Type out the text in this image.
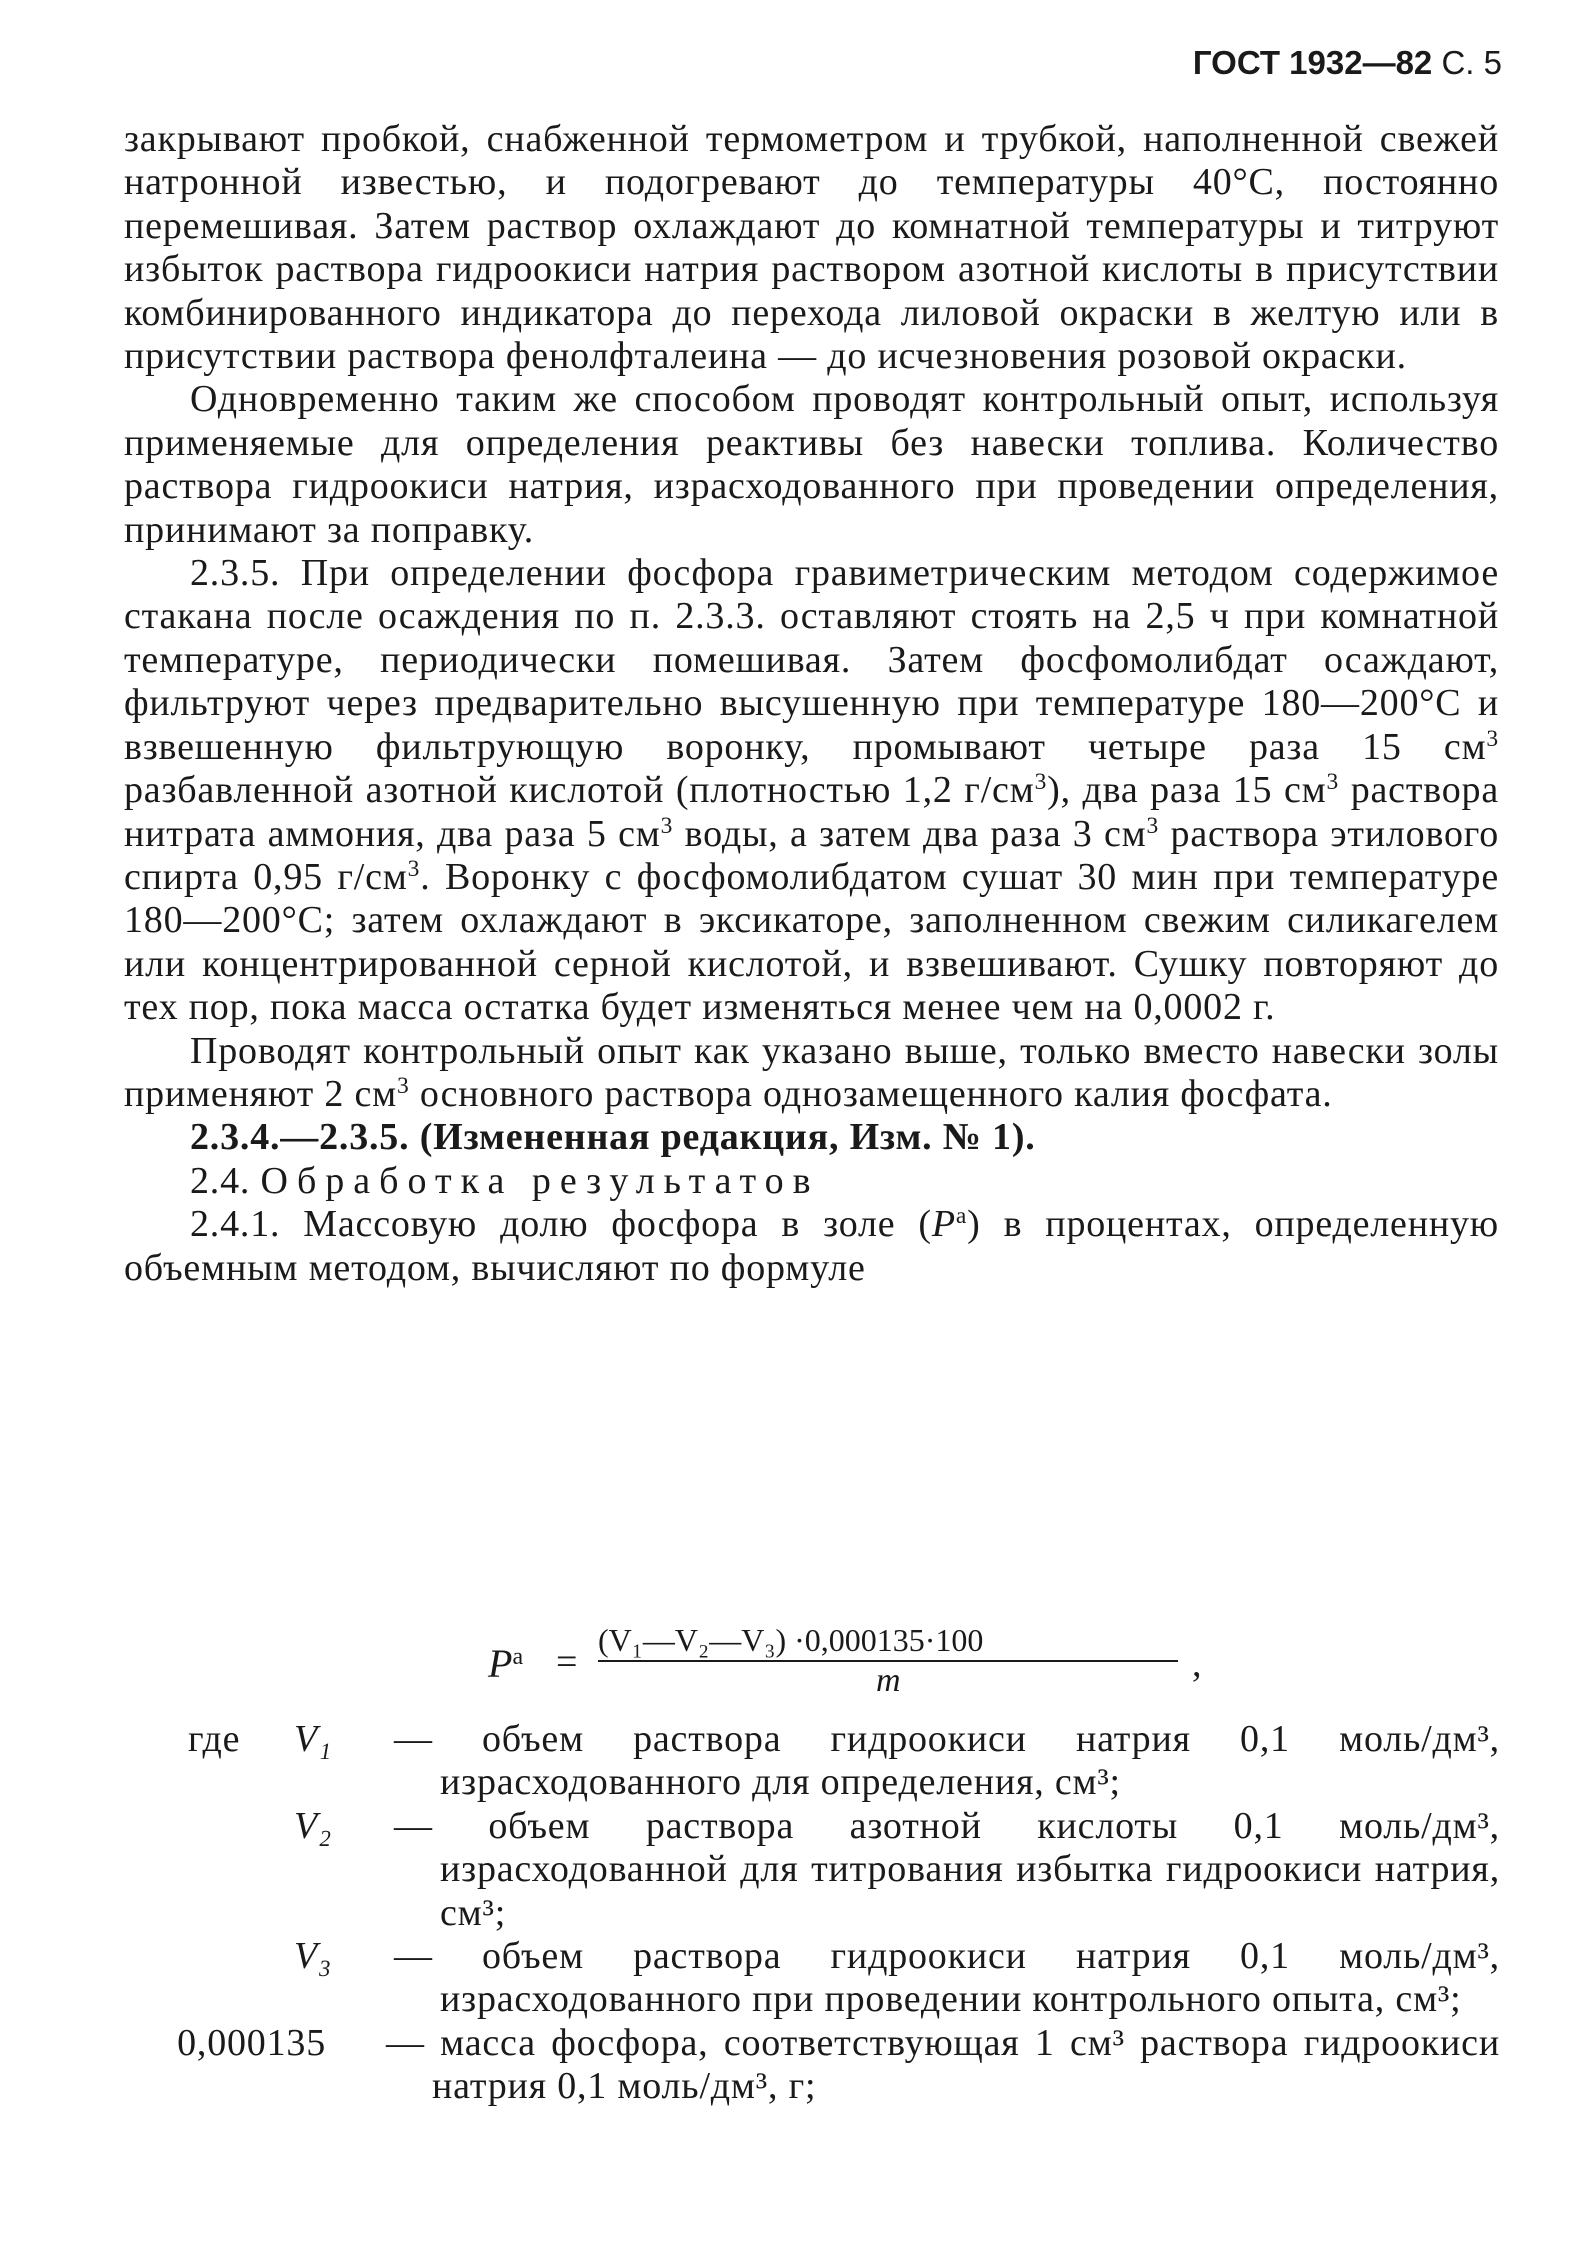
ГОСТ 1932—82 С. 5

закрывают пробкой, снабженной термометром и трубкой, наполненной свежей натронной известью, и подогревают до температуры 40°С, постоянно перемешивая. Затем раствор охлаждают до комнатной температуры и титруют избыток раствора гидроокиси натрия раствором азотной кислоты в присутствии комбинированного индикатора до перехода лиловой окраски в желтую или в присутствии раствора фенолфталеина — до исчезновения розовой окраски.

Одновременно таким же способом проводят контрольный опыт, используя применяемые для определения реактивы без навески топлива. Количество раствора гидроокиси натрия, израсходованного при проведении определения, принимают за поправку.

2.3.5. При определении фосфора гравиметрическим методом содержимое стакана после осаждения по п. 2.3.3. оставляют стоять на 2,5 ч при комнатной температуре, периодически помешивая. Затем фосфомолибдат осаждают, фильтруют через предварительно высушенную при температуре 180—200°С и взвешенную фильтрующую воронку, промывают четыре раза 15 $см^3$ разбавленной азотной кислотой (плотностью 1,2 $г/см^3$), два раза 15 $см^3$ раствора нитрата аммония, два раза 5 $см^3$ воды, а затем два раза 3 $см^3$ раствора этилового спирта 0,95 $г/см^3$. Воронку с фосфомолибдатом сушат 30 мин при температуре 180—200°С; затем охлаждают в эксикаторе, заполненном свежим силикагелем или концентрированной серной кислотой, и взвешивают. Сушку повторяют до тех пор, пока масса остатка будет изменяться менее чем на 0,0002 г.

Проводят контрольный опыт как указано выше, только вместо навески золы применяют 2 $см^3$ основного раствора однозамещенного калия фосфата.

2.3.4.—2.3.5. (Измененная редакция, Изм. № 1).

2.4. Обработка результатов

2.4.1. Массовую долю фосфора в золе $(P^a)$ в процентах, определенную объемным методом, вычисляют по формуле

$P^a$ =
(V₁—V₂—V₃) ·0,000135·100
m	,
где	V₁ — объем раствора гидроокиси натрия 0,1 моль/дм³, израсходованного для определения, см³;
V₂ — объем раствора азотной кислоты 0,1 моль/дм³, израсходованной для титрования избытка гидроокиси натрия, см³;
V₃ — объем раствора гидроокиси натрия 0,1 моль/дм³, израсходованного при проведении контрольного опыта, см³;
0,000135 — масса фосфора, соответствующая 1 см³ раствора гидроокиси натрия 0,1 моль/дм³, г;
